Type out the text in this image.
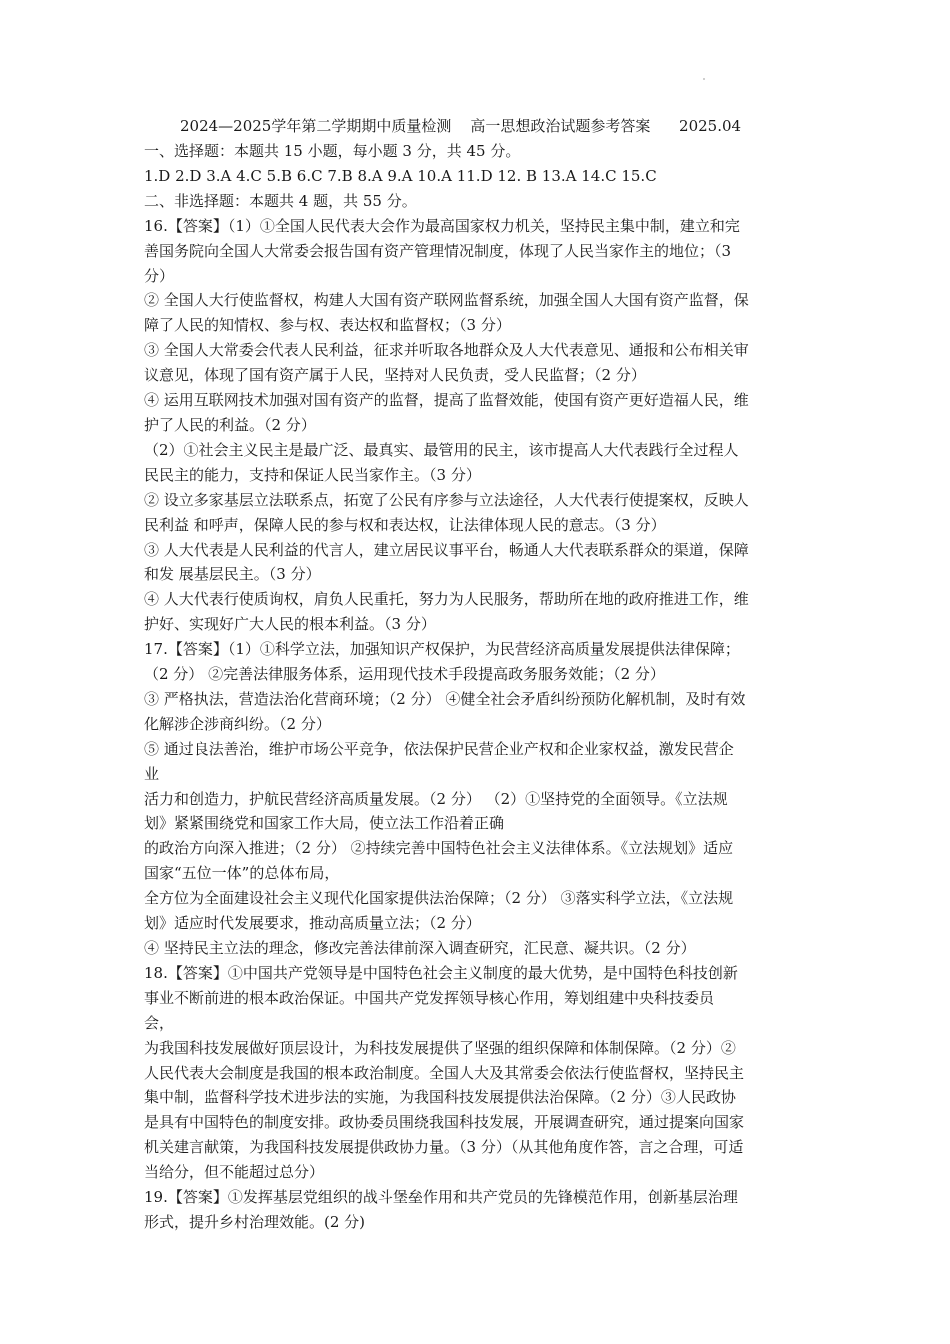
2024—2025学年第二学期期中质量检测    高一思想政治试题参考答案      2025.04
一、选择题：本题共 15 小题，每小题 3 分，共 45 分。
1.D 2.D 3.A 4.C 5.B 6.C 7.B 8.A 9.A 10.A 11.D 12. B 13.A 14.C 15.C
二、非选择题：本题共 4 题，共 55 分。
16.【答案】（1）①全国人民代表大会作为最高国家权力机关，坚持民主集中制，建立和完
善国务院向全国人大常委会报告国有资产管理情况制度，体现了人民当家作主的地位；（3
分）
② 全国人大行使监督权，构建人大国有资产联网监督系统，加强全国人大国有资产监督，保
障了人民的知情权、参与权、表达权和监督权；（3 分）
③ 全国人大常委会代表人民利益，征求并听取各地群众及人大代表意见、通报和公布相关审
议意见，体现了国有资产属于人民，坚持对人民负责，受人民监督；（2 分）
④ 运用互联网技术加强对国有资产的监督，提高了监督效能，使国有资产更好造福人民，维
护了人民的利益。（2 分）
（2）①社会主义民主是最广泛、最真实、最管用的民主，该市提高人大代表践行全过程人
民民主的能力，支持和保证人民当家作主。（3 分）
② 设立多家基层立法联系点，拓宽了公民有序参与立法途径，人大代表行使提案权，反映人
民利益 和呼声，保障人民的参与权和表达权，让法律体现人民的意志。（3 分）
③ 人大代表是人民利益的代言人，建立居民议事平台，畅通人大代表联系群众的渠道，保障
和发 展基层民主。（3 分）
④ 人大代表行使质询权，肩负人民重托，努力为人民服务，帮助所在地的政府推进工作，维
护好、实现好广大人民的根本利益。（3 分）
17.【答案】（1）①科学立法，加强知识产权保护，为民营经济高质量发展提供法律保障；
（2 分） ②完善法律服务体系，运用现代技术手段提高政务服务效能；（2 分）
③ 严格执法，营造法治化营商环境；（2 分） ④健全社会矛盾纠纷预防化解机制，及时有效
化解涉企涉商纠纷。（2 分）
⑤ 通过良法善治，维护市场公平竞争，依法保护民营企业产权和企业家权益，激发民营企
业
活力和创造力，护航民营经济高质量发展。（2 分） （2）①坚持党的全面领导。《立法规
划》紧紧围绕党和国家工作大局，使立法工作沿着正确
的政治方向深入推进；（2 分） ②持续完善中国特色社会主义法律体系。《立法规划》适应
国家“五位一体”的总体布局，
全方位为全面建设社会主义现代化国家提供法治保障；（2 分） ③落实科学立法，《立法规
划》适应时代发展要求，推动高质量立法；（2 分）
④ 坚持民主立法的理念，修改完善法律前深入调查研究，汇民意、凝共识。（2 分）
18.【答案】①中国共产党领导是中国特色社会主义制度的最大优势，是中国特色科技创新
事业不断前进的根本政治保证。中国共产党发挥领导核心作用，筹划组建中央科技委员
会，
为我国科技发展做好顶层设计，为科技发展提供了坚强的组织保障和体制保障。（2 分）②
人民代表大会制度是我国的根本政治制度。全国人大及其常委会依法行使监督权，坚持民主
集中制，监督科学技术进步法的实施，为我国科技发展提供法治保障。（2 分）③人民政协
是具有中国特色的制度安排。政协委员围绕我国科技发展，开展调查研究，通过提案向国家
机关建言献策，为我国科技发展提供政协力量。（3 分）（从其他角度作答，言之合理，可适
当给分，但不能超过总分）
19.【答案】①发挥基层党组织的战斗堡垒作用和共产党员的先锋模范作用，创新基层治理
形式，提升乡村治理效能。(2 分)
